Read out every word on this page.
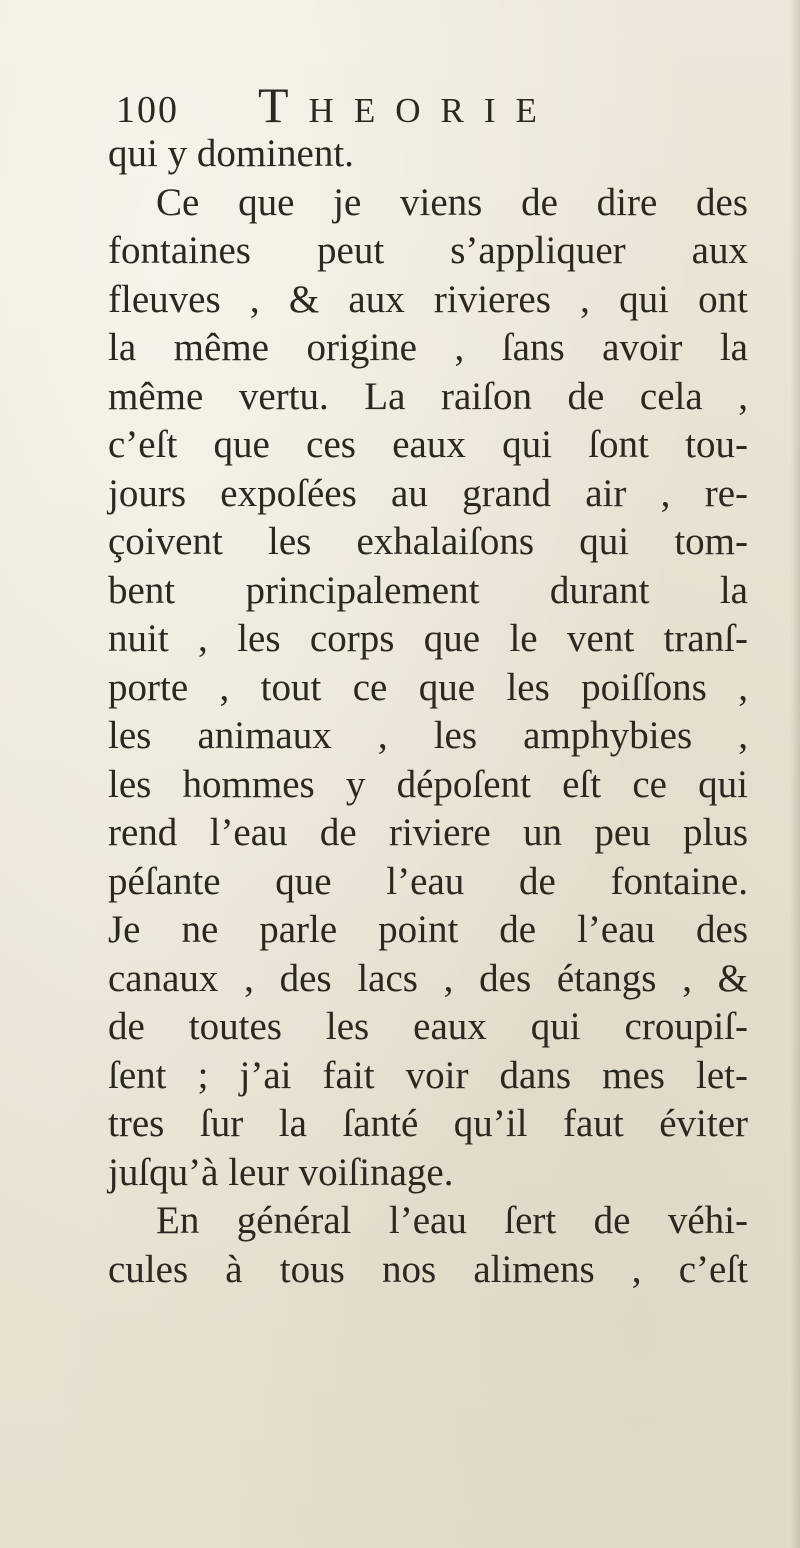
100 Theorie
qui y dominent.
Ce que je viens de dire des
fontaines peut s’appliquer aux
fleuves , & aux rivieres , qui ont
la même origine , ſans avoir la
même vertu. La raiſon de cela ,
c’eſt que ces eaux qui ſont tou-
jours expoſées au grand air , re-
çoivent les exhalaiſons qui tom-
bent principalement durant la
nuit , les corps que le vent tranſ-
porte , tout ce que les poiſſons ,
les animaux , les amphybies ,
les hommes y dépoſent eſt ce qui
rend l’eau de riviere un peu plus
péſante que l’eau de fontaine.
Je ne parle point de l’eau des
canaux , des lacs , des étangs , &
de toutes les eaux qui croupiſ-
ſent ; j’ai fait voir dans mes let-
tres ſur la ſanté qu’il faut éviter
juſqu’à leur voiſinage.
En général l’eau ſert de véhi-
cules à tous nos alimens , c’eſt
